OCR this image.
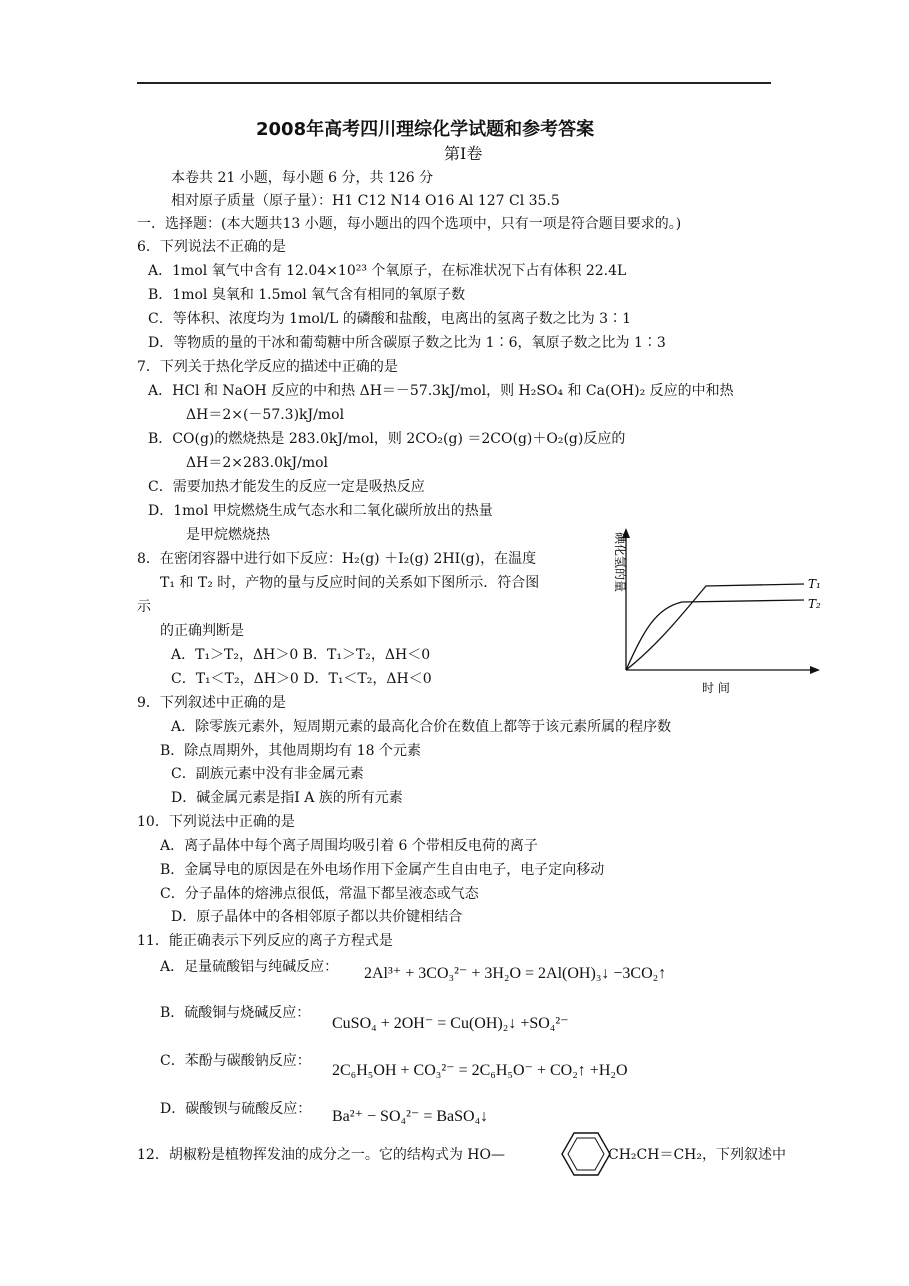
2008年高考四川理综化学试题和参考答案
第Ⅰ卷
本卷共 21 小题，每小题 6 分，共 126 分
相对原子质量（原子量）：H1 C12 N14 O16 Al 127 Cl 35.5
一．选择题：(本大题共13 小题，每小题出的四个选项中，只有一项是符合题目要求的。)
6．下列说法不正确的是
A．1mol 氧气中含有 12.04×10²³ 个氧原子，在标准状况下占有体积 22.4L
B．1mol 臭氧和 1.5mol 氧气含有相同的氧原子数
C．等体积、浓度均为 1mol/L 的磷酸和盐酸，电离出的氢离子数之比为 3∶1
D．等物质的量的干冰和葡萄糖中所含碳原子数之比为 1∶6，氧原子数之比为 1∶3
7．下列关于热化学反应的描述中正确的是
A．HCl 和 NaOH 反应的中和热 ΔH＝－57.3kJ/mol，则 H₂SO₄ 和 Ca(OH)₂ 反应的中和热
ΔH＝2×(－57.3)kJ/mol
B．CO(g)的燃烧热是 283.0kJ/mol，则 2CO₂(g) ＝2CO(g)＋O₂(g)反应的
ΔH＝2×283.0kJ/mol
C．需要加热才能发生的反应一定是吸热反应
D．1mol 甲烷燃烧生成气态水和二氧化碳所放出的热量
是甲烷燃烧热
8．在密闭容器中进行如下反应：H₂(g) ＋I₂(g) 2HI(g)，在温度
T₁ 和 T₂ 时，产物的量与反应时间的关系如下图所示．符合图
示
的正确判断是
A．T₁＞T₂，ΔH＞0 B．T₁＞T₂，ΔH＜0
C．T₁＜T₂，ΔH＞0 D．T₁＜T₂，ΔH＜0
碘化氢的量
时 间
T₁
T₂
9．下列叙述中正确的是
A．除零族元素外，短周期元素的最高化合价在数值上都等于该元素所属的程序数
B．除点周期外，其他周期均有 18 个元素
C．副族元素中没有非金属元素
D．碱金属元素是指Ⅰ A 族的所有元素
10．下列说法中正确的是
A．离子晶体中每个离子周围均吸引着 6 个带相反电荷的离子
B．金属导电的原因是在外电场作用下金属产生自由电子，电子定向移动
C．分子晶体的熔沸点很低，常温下都呈液态或气态
D．原子晶体中的各相邻原子都以共价键相结合
11．能正确表示下列反应的离子方程式是
A．足量硫酸铝与纯碱反应： 2Al³⁺ + 3CO₃²⁻ + 3H₂O = 2Al(OH)₃↓ −3CO₂↑
B．硫酸铜与烧碱反应：
CuSO₄ + 2OH⁻ = Cu(OH)₂↓ +SO₄²⁻
C．苯酚与碳酸钠反应：
2C₆H₅OH + CO₃²⁻ = 2C₆H₅O⁻ + CO₂↑ +H₂O
D．碳酸钡与硫酸反应： Ba²⁺ − SO₄²⁻ = BaSO₄↓
12．胡椒粉是植物挥发油的成分之一。它的结构式为 HO—	CH₂CH＝CH₂，下列叙述中
